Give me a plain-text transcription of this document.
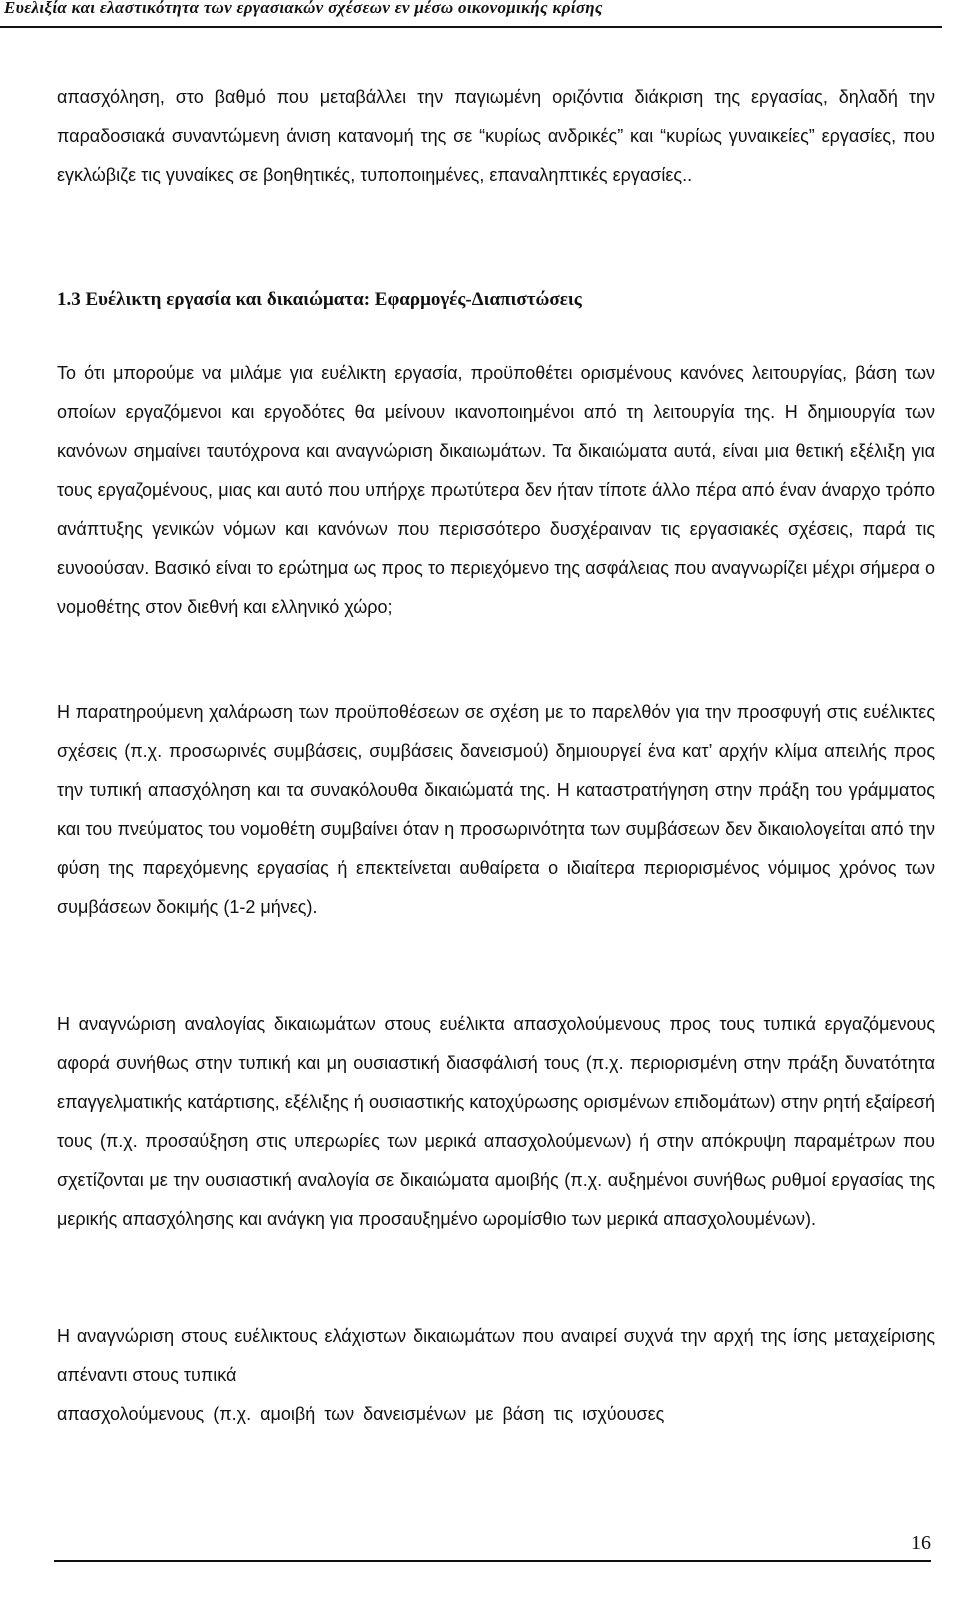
Ευελιξία και ελαστικότητα των εργασιακών σχέσεων εν μέσω οικονομικής κρίσης

απασχόληση, στο βαθμό που μεταβάλλει την παγιωμένη οριζόντια διάκριση της εργασίας, δηλαδή την παραδοσιακά συναντώμενη άνιση κατανομή της σε “κυρίως ανδρικές” και “κυρίως γυναικείες” εργασίες, που εγκλώβιζε τις γυναίκες σε βοηθητικές, τυποποιημένες, επαναληπτικές εργασίες..

1.3 Ευέλικτη εργασία και δικαιώματα: Εφαρμογές-Διαπιστώσεις

Το ότι μπορούμε να μιλάμε για ευέλικτη εργασία, προϋποθέτει ορισμένους κανόνες λειτουργίας, βάση των οποίων εργαζόμενοι και εργοδότες θα μείνουν ικανοποιημένοι από τη λειτουργία της. Η δημιουργία των κανόνων σημαίνει ταυτόχρονα και αναγνώριση δικαιωμάτων. Τα δικαιώματα αυτά, είναι μια θετική εξέλιξη για τους εργαζομένους, μιας και αυτό που υπήρχε πρωτύτερα δεν ήταν τίποτε άλλο πέρα από έναν άναρχο τρόπο ανάπτυξης γενικών νόμων και κανόνων που περισσότερο δυσχέραιναν τις εργασιακές σχέσεις, παρά τις ευνοούσαν. Βασικό είναι το ερώτημα ως προς το περιεχόμενο της ασφάλειας που αναγνωρίζει μέχρι σήμερα ο νομοθέτης στον διεθνή και ελληνικό χώρο;

Η παρατηρούμενη χαλάρωση των προϋποθέσεων σε σχέση με το παρελθόν για την προσφυγή στις ευέλικτες σχέσεις (π.χ. προσωρινές συμβάσεις, συμβάσεις δανεισμού) δημιουργεί ένα κατ’ αρχήν κλίμα απειλής προς την τυπική απασχόληση και τα συνακόλουθα δικαιώματά της. Η καταστρατήγηση στην πράξη του γράμματος και του πνεύματος του νομοθέτη συμβαίνει όταν η προσωρινότητα των συμβάσεων δεν δικαιολογείται από την φύση της παρεχόμενης εργασίας ή επεκτείνεται αυθαίρετα ο ιδιαίτερα περιορισμένος νόμιμος χρόνος των συμβάσεων δοκιμής (1-2 μήνες).

Η αναγνώριση αναλογίας δικαιωμάτων στους ευέλικτα απασχολούμενους προς τους τυπικά εργαζόμενους αφορά συνήθως στην τυπική και μη ουσιαστική διασφάλισή τους (π.χ. περιορισμένη στην πράξη δυνατότητα επαγγελματικής κατάρτισης, εξέλιξης ή ουσιαστικής κατοχύρωσης ορισμένων επιδομάτων) στην ρητή εξαίρεσή τους (π.χ. προσαύξηση στις υπερωρίες των μερικά απασχολούμενων) ή στην απόκρυψη παραμέτρων που σχετίζονται με την ουσιαστική αναλογία σε δικαιώματα αμοιβής (π.χ. αυξημένοι συνήθως ρυθμοί εργασίας της μερικής απασχόλησης και ανάγκη για προσαυξημένο ωρομίσθιο των μερικά απασχολουμένων).

Η αναγνώριση στους ευέλικτους ελάχιστων δικαιωμάτων που αναιρεί συχνά την αρχή της ίσης μεταχείρισης απέναντι στους τυπικά

απασχολούμενους (π.χ. αμοιβή των δανεισμένων με βάση τις ισχύουσες
16
